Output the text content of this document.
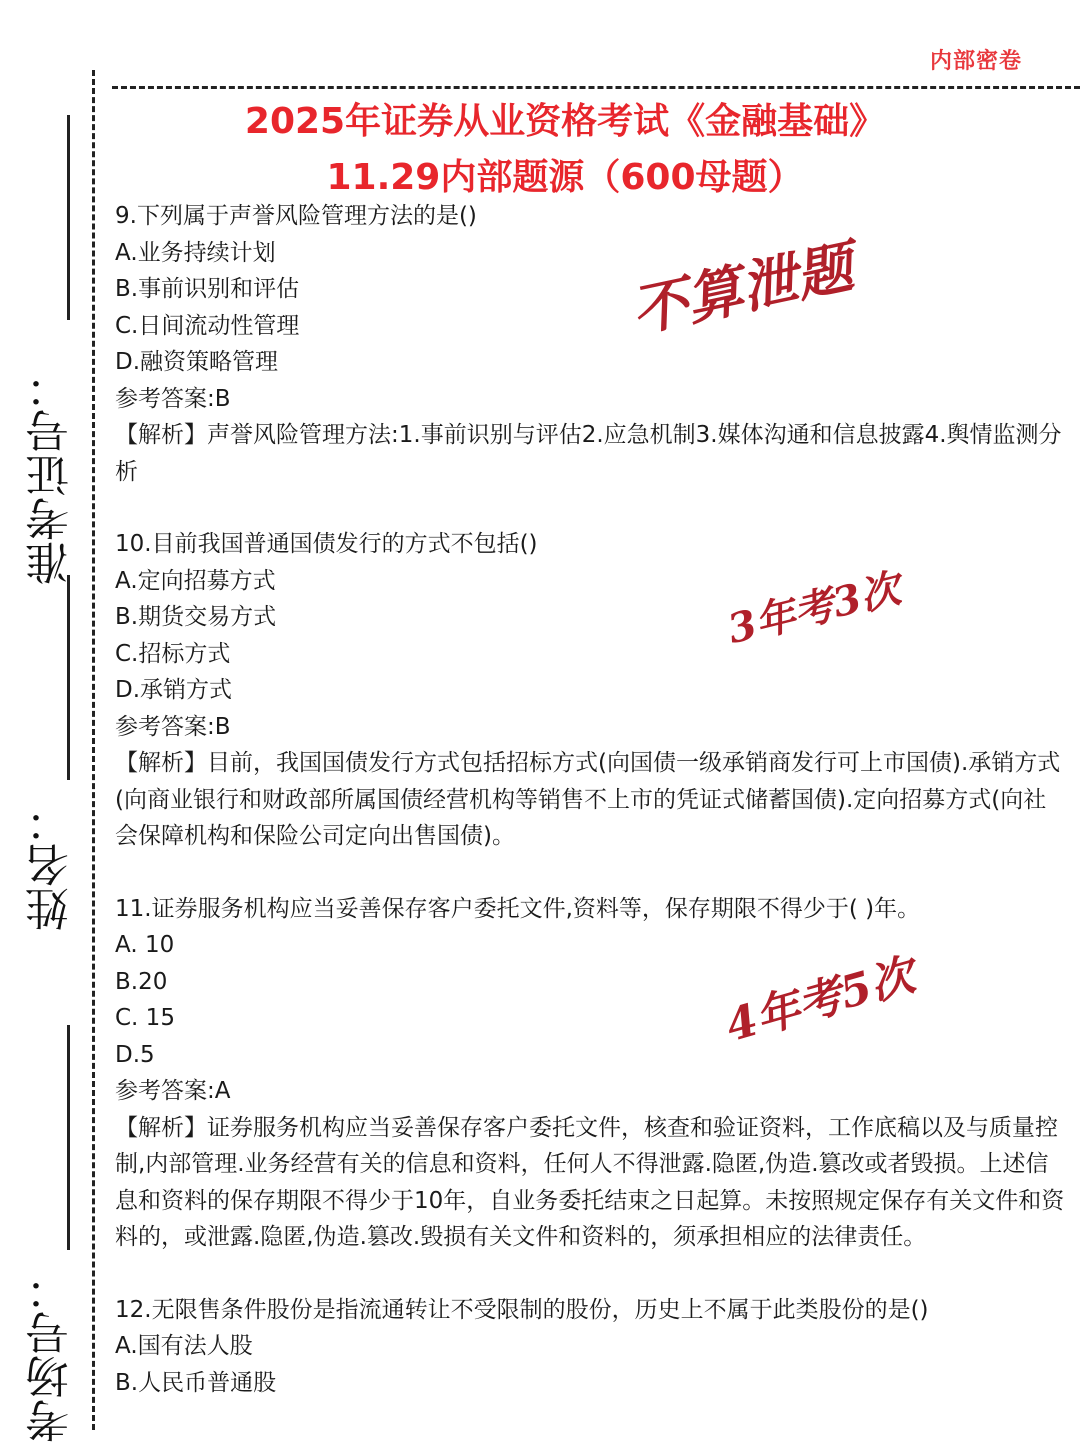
内部密卷
准考证号：
姓名：
考场号：
2025年证券从业资格考试《金融基础》
11.29内部题源（600母题）
9.下列属于声誉风险管理方法的是()
A.业务持续计划
B.事前识别和评估
C.日间流动性管理
D.融资策略管理
参考答案:B
【解析】声誉风险管理方法:1.事前识别与评估2.应急机制3.媒体沟通和信息披露4.舆情监测分析
10.目前我国普通国债发行的方式不包括()
A.定向招募方式
B.期货交易方式
C.招标方式
D.承销方式
参考答案:B
【解析】目前，我国国债发行方式包括招标方式(向国债一级承销商发行可上市国债).承销方式(向商业银行和财政部所属国债经营机构等销售不上市的凭证式储蓄国债).定向招募方式(向社会保障机构和保险公司定向出售国债)。
11.证券服务机构应当妥善保存客户委托文件,资料等，保存期限不得少于( )年。
A. 10
B.20
C. 15
D.5
参考答案:A
【解析】证券服务机构应当妥善保存客户委托文件，核查和验证资料，工作底稿以及与质量控制,内部管理.业务经营有关的信息和资料，任何人不得泄露.隐匿,伪造.篡改或者毁损。上述信息和资料的保存期限不得少于10年，自业务委托结束之日起算。未按照规定保存有关文件和资料的，或泄露.隐匿,伪造.篡改.毁损有关文件和资料的，须承担相应的法律责任。
12.无限售条件股份是指流通转让不受限制的股份，历史上不属于此类股份的是()
A.国有法人股
B.人民币普通股
不算泄题
3年考3次
4年考5次
